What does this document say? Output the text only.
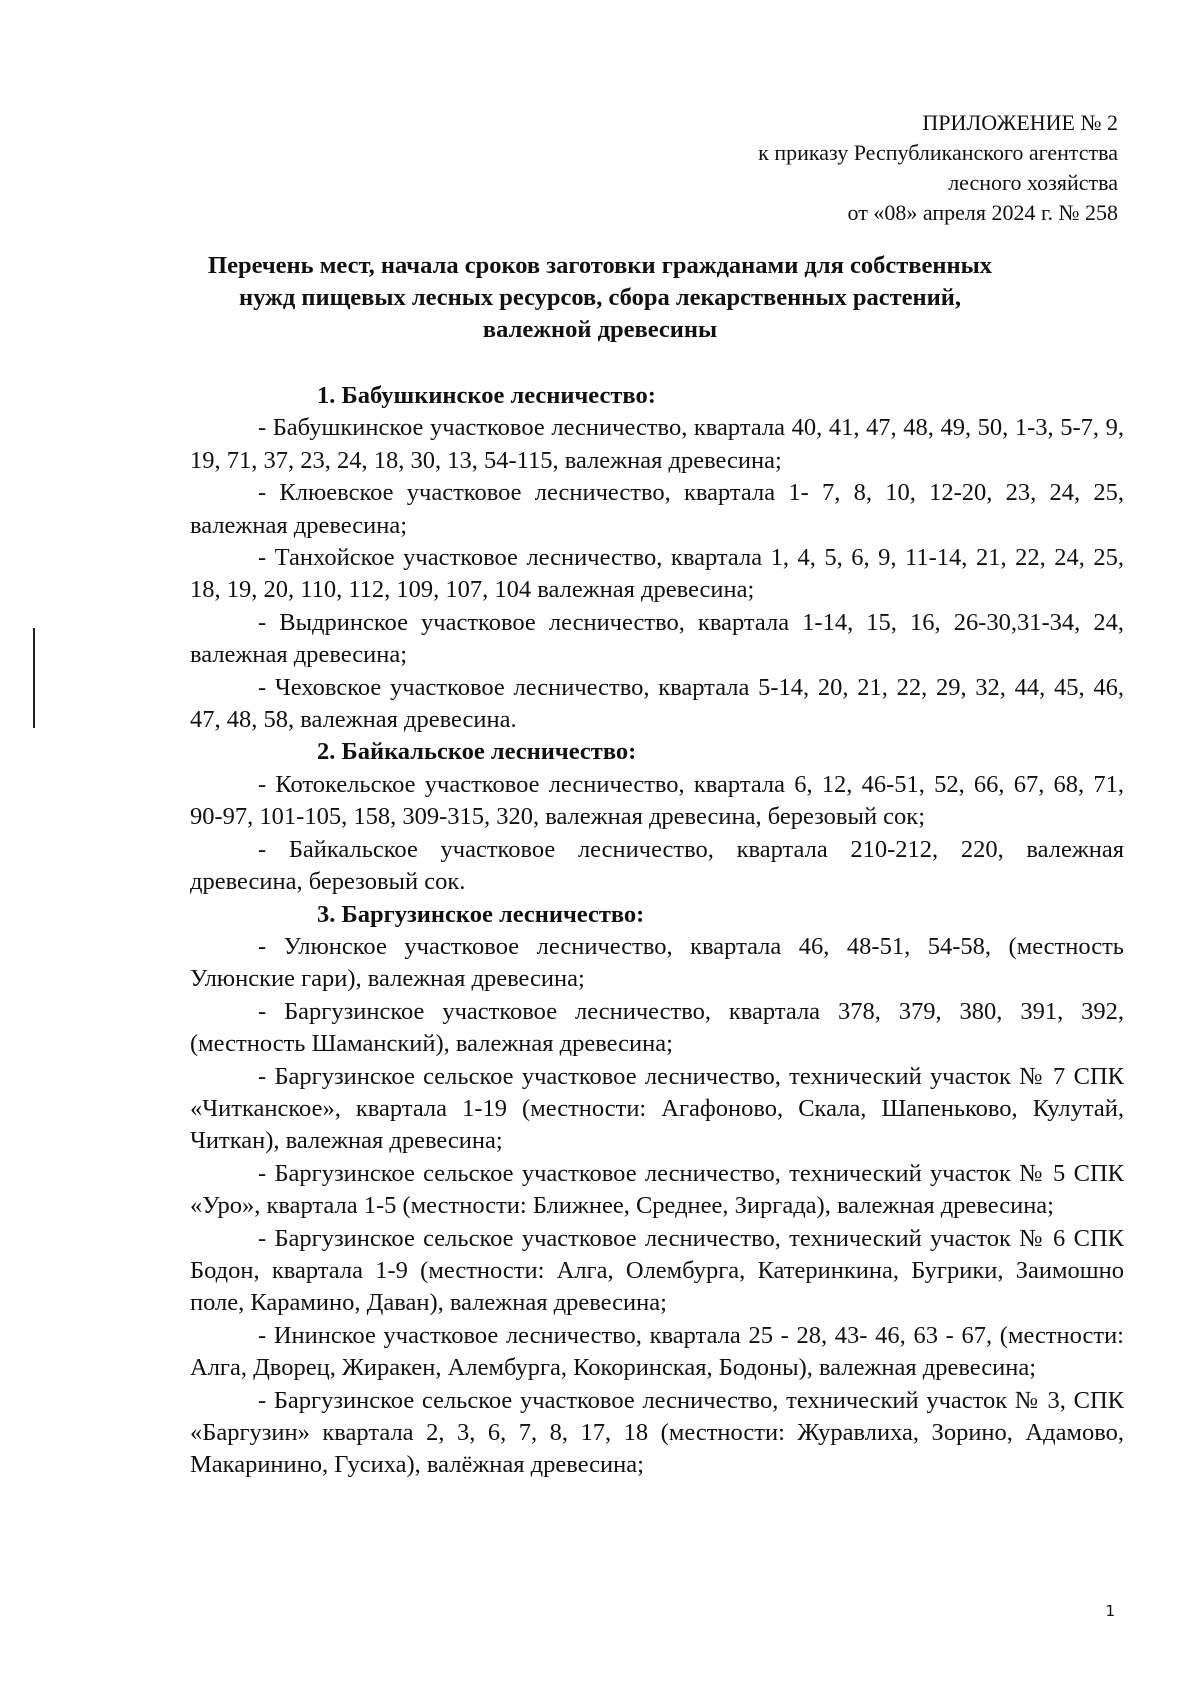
ПРИЛОЖЕНИЕ № 2
к приказу Республиканского агентства
лесного хозяйства
от «08» апреля 2024 г. № 258
Перечень мест, начала сроков заготовки гражданами для собственных
нужд пищевых лесных ресурсов, сбора лекарственных растений,
валежной древесины
1. Бабушкинское лесничество:

- Бабушкинское участковое лесничество, квартала 40, 41, 47, 48, 49, 50, 1-3, 5-7, 9, 19, 71, 37, 23, 24, 18, 30, 13, 54-115, валежная древесина;

- Клюевское участковое лесничество, квартала 1- 7, 8, 10, 12-20, 23, 24, 25, валежная древесина;

- Танхойское участковое лесничество, квартала 1, 4, 5, 6, 9, 11-14, 21, 22, 24, 25, 18, 19, 20, 110, 112, 109, 107, 104 валежная древесина;

- Выдринское участковое лесничество, квартала 1-14, 15, 16, 26-30,31-34, 24, валежная древесина;

- Чеховское участковое лесничество, квартала 5-14, 20, 21, 22, 29, 32, 44, 45, 46, 47, 48, 58, валежная древесина.

2. Байкальское лесничество:

- Котокельское участковое лесничество, квартала 6, 12, 46-51, 52, 66, 67, 68, 71, 90-97, 101-105, 158, 309-315, 320, валежная древесина, березовый сок;

- Байкальское участковое лесничество, квартала 210-212, 220, валежная древесина, березовый сок.

3. Баргузинское лесничество:

- Улюнское участковое лесничество, квартала 46, 48-51, 54-58, (местность Улюнские гари), валежная древесина;

- Баргузинское участковое лесничество, квартала 378, 379, 380, 391, 392, (местность Шаманский), валежная древесина;

- Баргузинское сельское участковое лесничество, технический участок № 7 СПК «Читканское», квартала 1-19 (местности: Агафоново, Скала, Шапеньково, Кулутай, Читкан), валежная древесина;

- Баргузинское сельское участковое лесничество, технический участок № 5 СПК «Уро», квартала 1-5 (местности: Ближнее, Среднее, Зиргада), валежная древесина;

- Баргузинское сельское участковое лесничество, технический участок № 6 СПК Бодон, квартала 1-9 (местности: Алга, Олембурга, Катеринкина, Бугрики, Заимошно поле, Карамино, Даван), валежная древесина;

- Ининское участковое лесничество, квартала 25 - 28, 43- 46, 63 - 67, (местности: Алга, Дворец, Жиракен, Алембурга, Кокоринская, Бодоны), валежная древесина;

- Баргузинское сельское участковое лесничество, технический участок № 3, СПК «Баргузин» квартала 2, 3, 6, 7, 8, 17, 18 (местности: Журавлиха, Зорино, Адамово, Макаринино, Гусиха), валёжная древесина;

1
